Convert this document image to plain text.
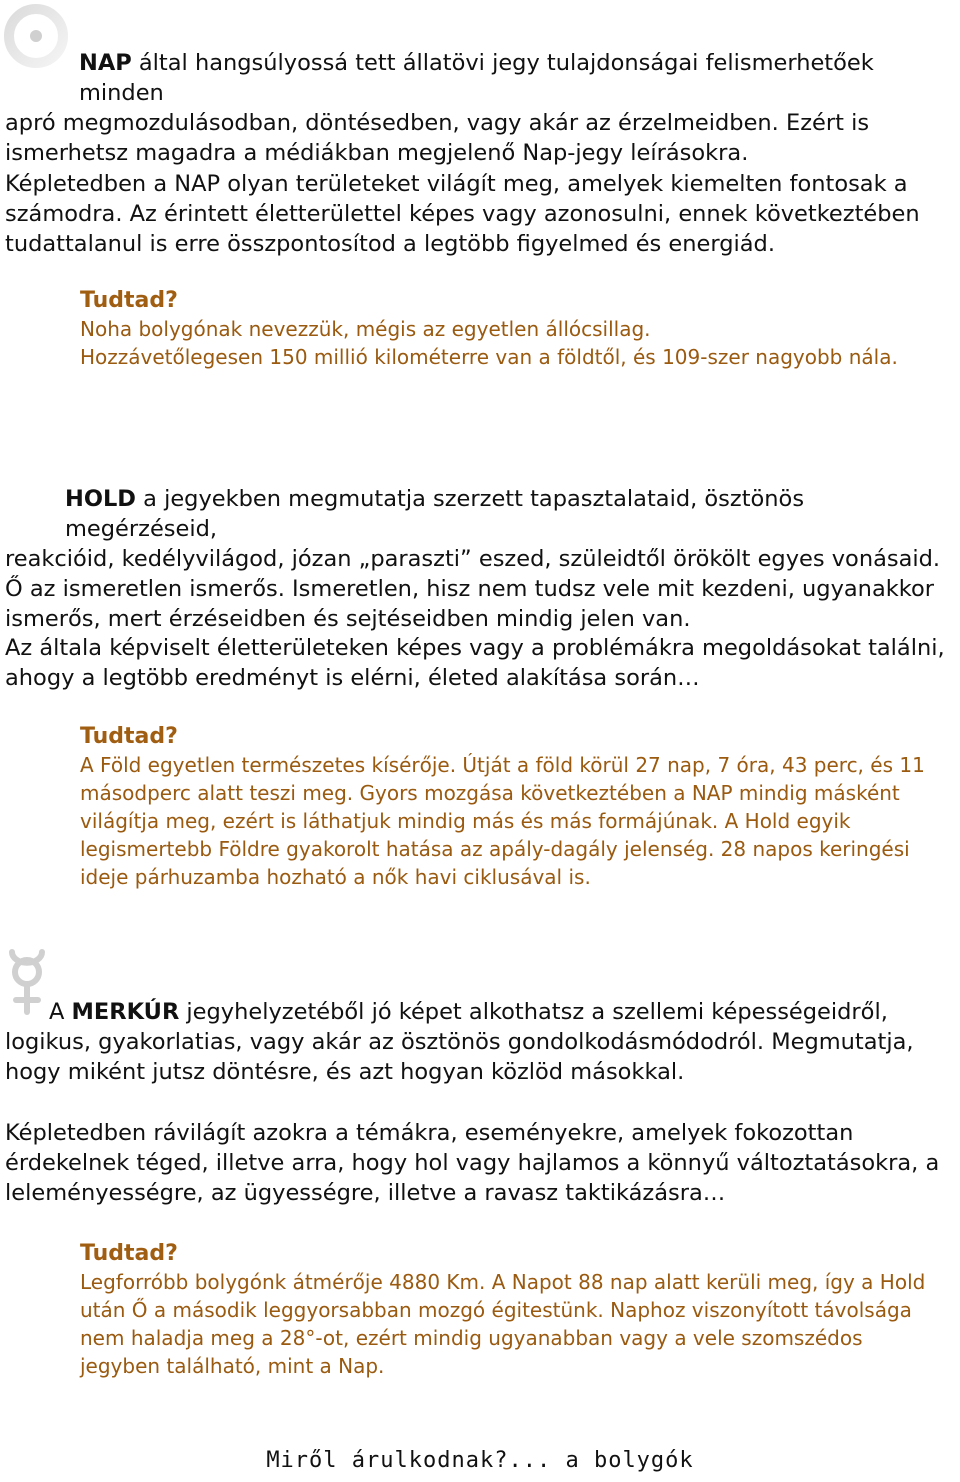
NAP által hangsúlyossá tett állatövi jegy tulajdonságai felismerhetőek minden

apró megmozdulásodban, döntésedben, vagy akár az érzelmeidben. Ezért is

ismerhetsz magadra a médiákban megjelenő Nap-jegy leírásokra.

Képletedben a NAP olyan területeket világít meg, amelyek kiemelten fontosak a

számodra. Az érintett életterülettel képes vagy azonosulni, ennek következtében

tudattalanul is erre összpontosítod a legtöbb figyelmed és energiád.

Tudtad?
Noha bolygónak nevezzük, mégis az egyetlen állócsillag.
Hozzávetőlegesen 150 millió kilométerre van a földtől, és 109-szer nagyobb nála.

HOLD a jegyekben megmutatja szerzett tapasztalataid, ösztönös megérzéseid,

reakcióid, kedélyvilágod, józan „paraszti” eszed, szüleidtől örökölt egyes vonásaid.

Ő az ismeretlen ismerős. Ismeretlen, hisz nem tudsz vele mit kezdeni, ugyanakkor

ismerős, mert érzéseidben és sejtéseidben mindig jelen van.

Az általa képviselt életterületeken képes vagy a problémákra megoldásokat találni,

ahogy a legtöbb eredményt is elérni, életed alakítása során…

Tudtad?
A Föld egyetlen természetes kísérője. Útját a föld körül 27 nap, 7 óra, 43 perc, és 11
másodperc alatt teszi meg. Gyors mozgása következtében a NAP mindig másként
világítja meg, ezért is láthatjuk mindig más és más formájúnak. A Hold egyik
legismertebb Földre gyakorolt hatása az apály-dagály jelenség. 28 napos keringési
ideje párhuzamba hozható a nők havi ciklusával is.

A MERKÚR jegyhelyzetéből jó képet alkothatsz a szellemi képességeidről,

logikus, gyakorlatias, vagy akár az ösztönös gondolkodásmódodról. Megmutatja,

hogy miként jutsz döntésre, és azt hogyan közlöd másokkal.

Képletedben rávilágít azokra a témákra, eseményekre, amelyek fokozottan

érdekelnek téged, illetve arra, hogy hol vagy hajlamos a könnyű változtatásokra, a

leleményességre, az ügyességre, illetve a ravasz taktikázásra…

Tudtad?
Legforróbb bolygónk átmérője 4880 Km. A Napot 88 nap alatt kerüli meg, így a Hold
után Ő a második leggyorsabban mozgó égitestünk. Naphoz viszonyított távolsága
nem haladja meg a 28°-ot, ezért mindig ugyanabban vagy a vele szomszédos
jegyben található, mint a Nap.
Miről árulkodnak?... a bolygók
